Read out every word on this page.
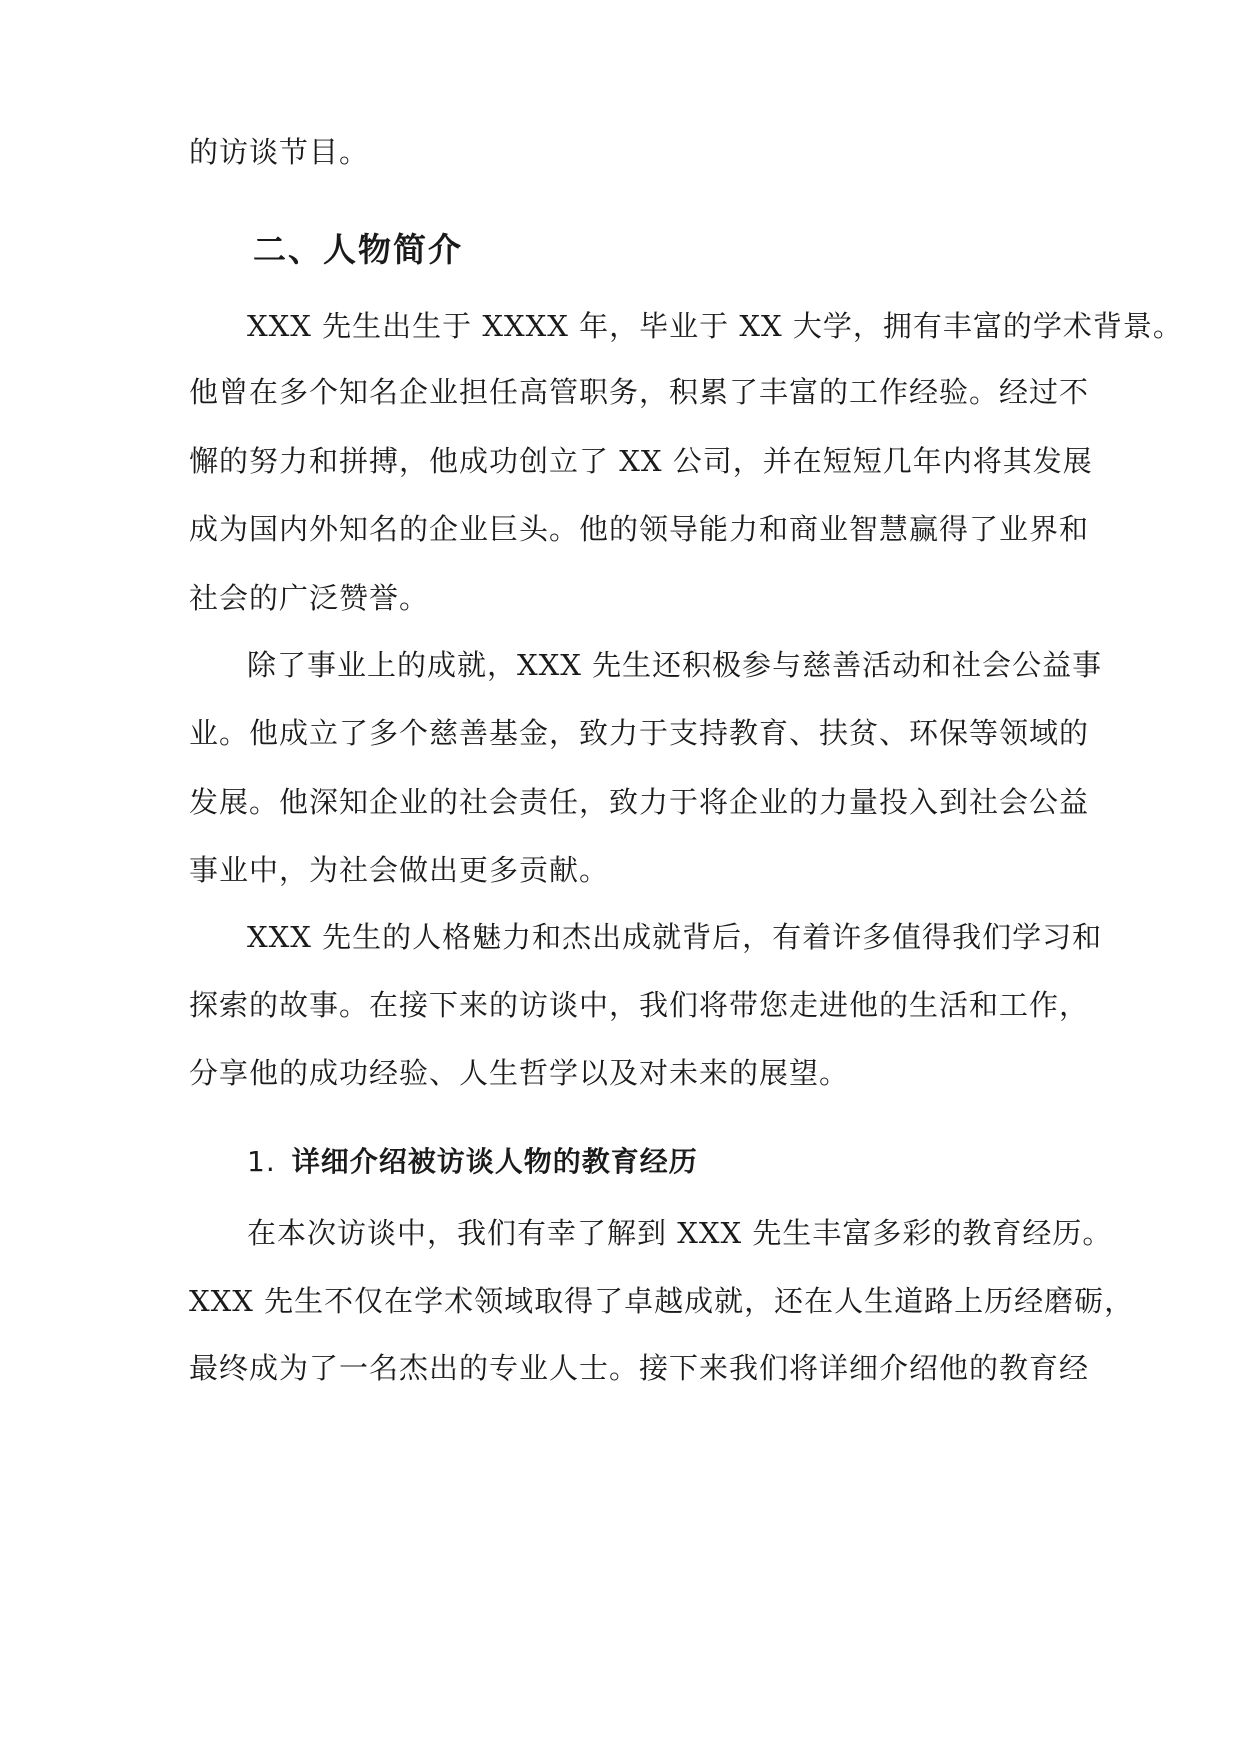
的访谈节目。
二、人物简介
XXX 先生出生于 XXXX 年，毕业于 XX 大学，拥有丰富的学术背景。
他曾在多个知名企业担任高管职务，积累了丰富的工作经验。经过不
懈的努力和拼搏，他成功创立了 XX 公司，并在短短几年内将其发展
成为国内外知名的企业巨头。他的领导能力和商业智慧赢得了业界和
社会的广泛赞誉。
除了事业上的成就，XXX 先生还积极参与慈善活动和社会公益事
业。他成立了多个慈善基金，致力于支持教育、扶贫、环保等领域的
发展。他深知企业的社会责任，致力于将企业的力量投入到社会公益
事业中，为社会做出更多贡献。
XXX 先生的人格魅力和杰出成就背后，有着许多值得我们学习和
探索的故事。在接下来的访谈中，我们将带您走进他的生活和工作，
分享他的成功经验、人生哲学以及对未来的展望。
1. 详细介绍被访谈人物的教育经历
在本次访谈中，我们有幸了解到 XXX 先生丰富多彩的教育经历。
XXX 先生不仅在学术领域取得了卓越成就，还在人生道路上历经磨砺，
最终成为了一名杰出的专业人士。接下来我们将详细介绍他的教育经
